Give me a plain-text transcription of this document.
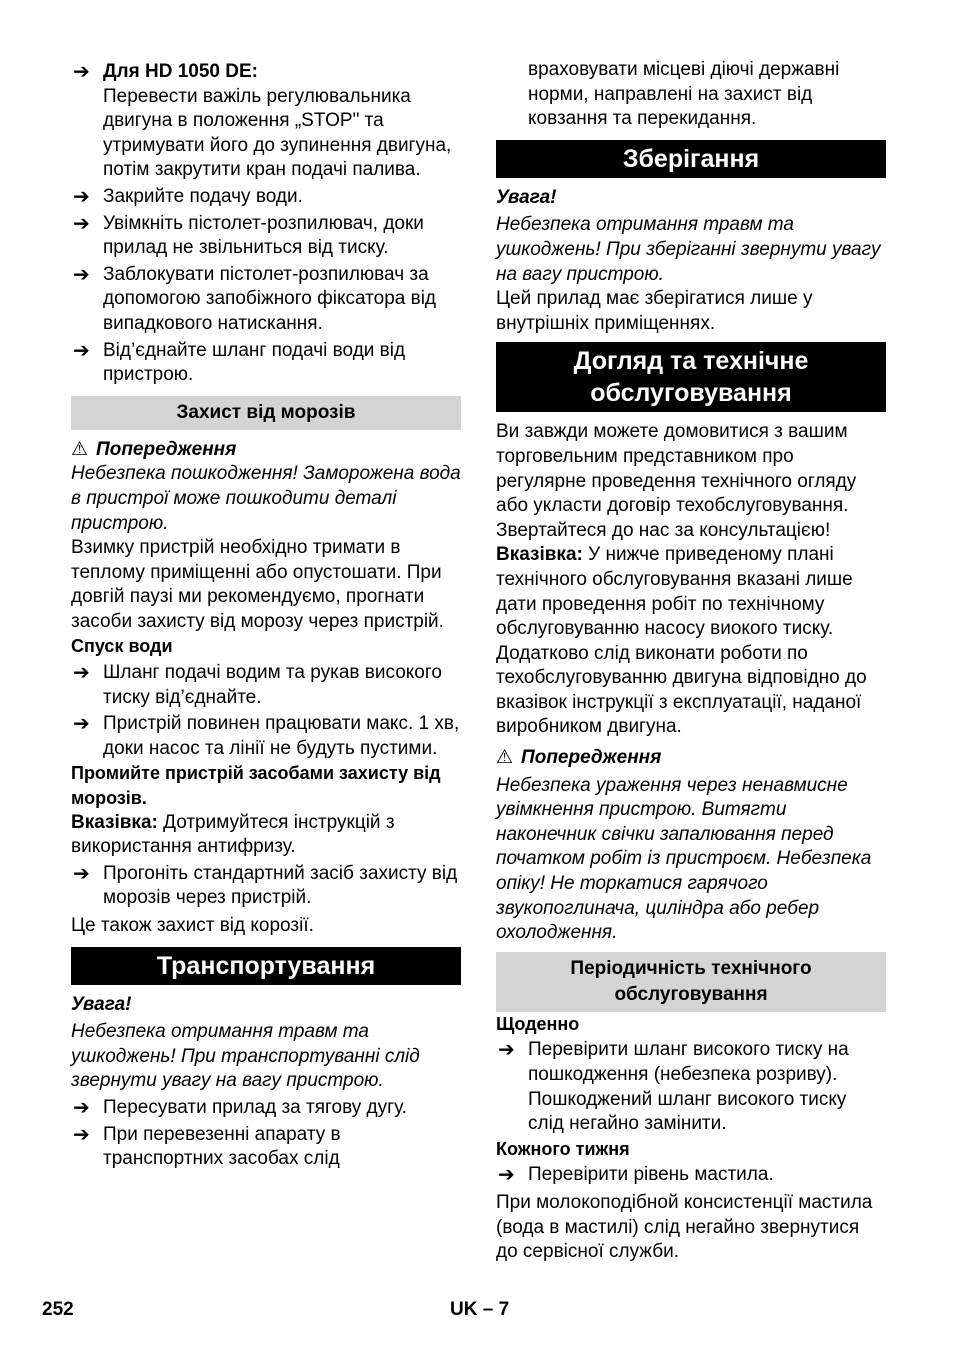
➔ Для HD 1050 DE:
Перевести важіль регулювальника двигуна в положення „STOP" та утримувати його до зупинення двигуна, потім закрутити кран подачі палива.
➔ Закрийте подачу води.
➔ Увімкніть пістолет-розпилювач, доки прилад не звільниться від тиску.
➔ Заблокувати пістолет-розпилювач за допомогою запобіжного фіксатора від випадкового натискання.
➔ Від’єднайте шланг подачі води від пристрою.
Захист від морозів
⚠ Попередження

Небезпека пошкодження! Заморожена вода в пристрої може пошкодити деталі пристрою.

Взимку пристрій необхідно тримати в теплому приміщенні або опустошати. При довгій паузі ми рекомендуємо, прогнати засоби захисту від морозу через пристрій.

Спуск води

➔ Шланг подачі водим та рукав високого тиску від’єднайте.
➔ Пристрій повинен працювати макс. 1 хв, доки насос та лінії не будуть пустими.

Промийте пристрій засобами захисту від морозів.

Вказівка: Дотримуйтеся інструкцій з використання антифризу.

➔ Прогоніть стандартний засіб захисту від морозів через пристрій.

Це також захист від корозії.

Транспортування

Увага!

Небезпека отримання травм та ушкоджень! При транспортуванні слід звернути увагу на вагу пристрою.

➔ Пересувати прилад за тягову дугу.
➔ При перевезенні апарату в транспортних засобах слід

враховувати місцеві діючі державні норми, направлені на захист від ковзання та перекидання.

Зберігання

Увага!

Небезпека отримання травм та ушкоджень! При зберіганні звернути увагу на вагу пристрою.

Цей прилад має зберігатися лише у внутрішніх приміщеннях.

Догляд та технічне
обслуговування

Ви завжди можете домовитися з вашим торговельним представником про регулярне проведення технічного огляду або укласти договір техобслуговування. Звертайтеся до нас за консультацією!

Вказівка: У нижче приведеному плані технічного обслуговування вказані лише дати проведення робіт по технічному обслуговуванню насосу виокого тиску. Додатково слід виконати роботи по техобслуговуванню двигуна відповідно до вказівок інструкції з експлуатації, наданої виробником двигуна.

⚠ Попередження

Небезпека ураження через ненавмисне увімкнення пристрою. Витягти наконечник свічки запалювання перед початком робіт із пристроєм. Небезпека опіку! Не торкатися гарячого звукопоглинача, циліндра або ребер охолодження.

Періодичність технічного
обслуговування

Щоденно

➔ Перевірити шланг високого тиску на пошкодження (небезпека розриву). Пошкоджений шланг високого тиску слід негайно замінити.

Кожного тижня

➔ Перевірити рівень мастила.

При молокоподібной консистенції мастила (вода в мастилі) слід негайно звернутися до сервісної служби.

252	UK – 7
